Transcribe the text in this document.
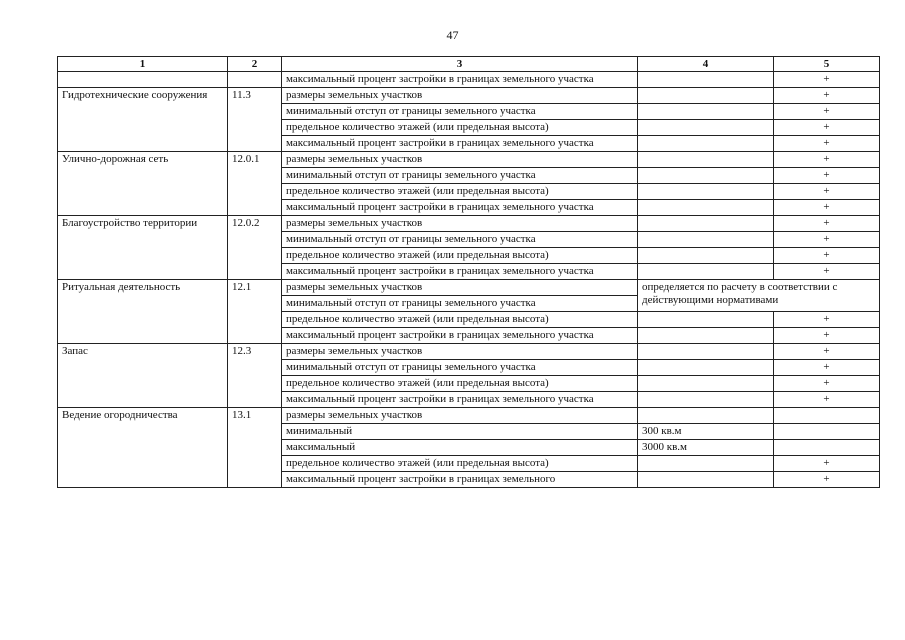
47
1	2	3	4	5
		максимальный процент застройки в границах земельного участка		+
Гидротехнические сооружения	11.3	размеры земельных участков		+
		минимальный отступ от границы земельного участка		+
		предельное количество этажей (или предельная высота)		+
		максимальный процент застройки в границах земельного участка		+
Улично-дорожная сеть	12.0.1	размеры земельных участков		+
		минимальный отступ от границы земельного участка		+
		предельное количество этажей (или предельная высота)		+
		максимальный процент застройки в границах земельного участка		+
Благоустройство территории	12.0.2	размеры земельных участков		+
		минимальный отступ от границы земельного участка		+
		предельное количество этажей (или предельная высота)		+
		максимальный процент застройки в границах земельного участка		+
Ритуальная деятельность	12.1	размеры земельных участков	определяется по расчету в соответствии с действующими нормативами	
		минимальный отступ от границы земельного участка		
		предельное количество этажей (или предельная высота)		+
		максимальный процент застройки в границах земельного участка		+
Запас	12.3	размеры земельных участков		+
		минимальный отступ от границы земельного участка		+
		предельное количество этажей (или предельная высота)		+
		максимальный процент застройки в границах земельного участка		+
Ведение огородничества	13.1	размеры земельных участков		
		минимальный	300 кв.м	
		максимальный	3000 кв.м	
		предельное количество этажей (или предельная высота)		+
		максимальный процент застройки в границах земельного		+
